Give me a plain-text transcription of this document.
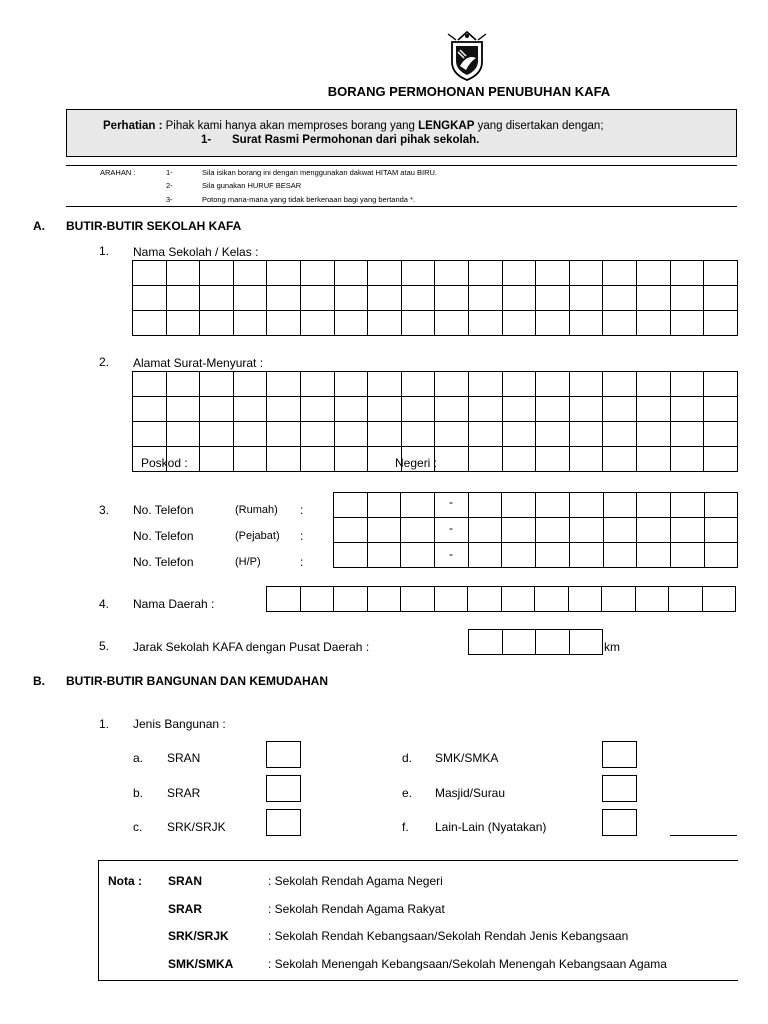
BORANG PERMOHONAN PENUBUHAN KAFA
Perhatian : Pihak kami hanya akan memproses borang yang LENGKAP yang disertakan dengan;
1- Surat Rasmi Permohonan dari pihak sekolah.
ARAHAN :	1-	Sila isikan borang ini dengan menggunakan dakwat HITAM atau BIRU.
2-	Sila gunakan HURUF BESAR
3-	Potong mana-mana yang tidak berkenaan bagi yang bertanda *.
A. BUTIR-BUTIR SEKOLAH KAFA
1. Nama Sekolah / Kelas :

2. Alamat Surat-Menyurat :

Poskod :	Negeri :
3. No. Telefon	(Rumah) :
No. Telefon	(Pejabat) :
No. Telefon	(H/P)	:

-
-
-
4. Nama Daerah :

5. Jarak Sekolah KAFA dengan Pusat Daerah :
				km
B. BUTIR-BUTIR BANGUNAN DAN KEMUDAHAN
1. Jenis Bangunan :
a. SRAN
b. SRAR
c. SRK/SRJK
d. SMK/SMKA
e. Masjid/Surau
f. Lain-Lain (Nyatakan)
Nota : SRAN	: Sekolah Rendah Agama Negeri
SRAR	: Sekolah Rendah Agama Rakyat
SRK/SRJK	: Sekolah Rendah Kebangsaan/Sekolah Rendah Jenis Kebangsaan
SMK/SMKA	: Sekolah Menengah Kebangsaan/Sekolah Menengah Kebangsaan Agama
